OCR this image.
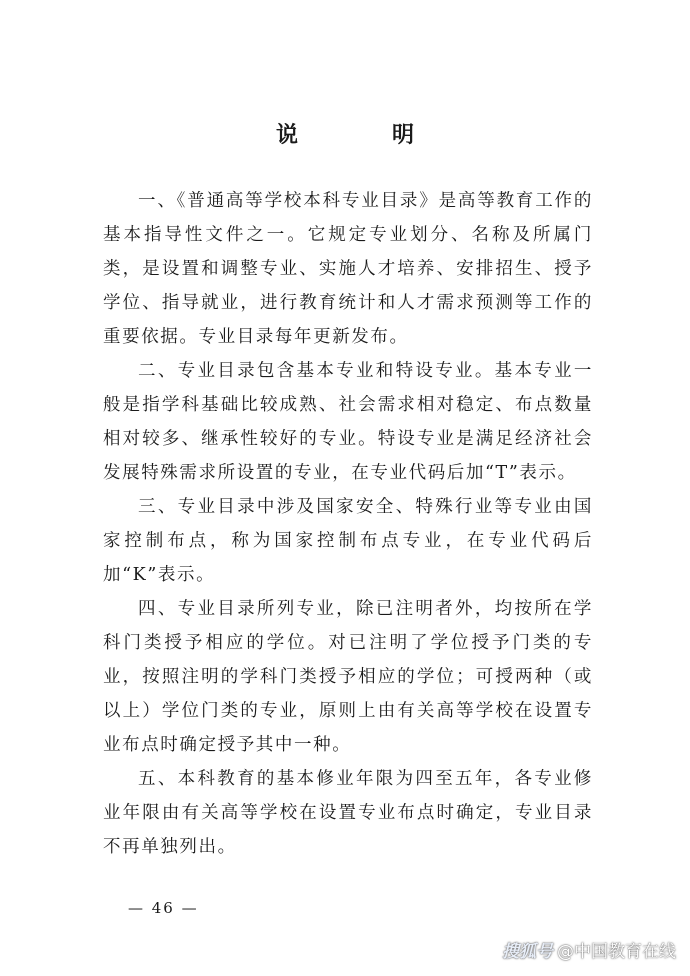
说　明

一、《普通高等学校本科专业目录》是高等教育工作的基本指导性文件之一。它规定专业划分、名称及所属门类，是设置和调整专业、实施人才培养、安排招生、授予学位、指导就业，进行教育统计和人才需求预测等工作的重要依据。专业目录每年更新发布。

二、专业目录包含基本专业和特设专业。基本专业一般是指学科基础比较成熟、社会需求相对稳定、布点数量相对较多、继承性较好的专业。特设专业是满足经济社会发展特殊需求所设置的专业，在专业代码后加“T”表示。

三、专业目录中涉及国家安全、特殊行业等专业由国家控制布点，称为国家控制布点专业，在专业代码后加“K”表示。

四、专业目录所列专业，除已注明者外，均按所在学科门类授予相应的学位。对已注明了学位授予门类的专业，按照注明的学科门类授予相应的学位；可授两种（或以上）学位门类的专业，原则上由有关高等学校在设置专业布点时确定授予其中一种。

五、本科教育的基本修业年限为四至五年，各专业修业年限由有关高等学校在设置专业布点时确定，专业目录不再单独列出。

— 46 —
搜狐号 @中国教育在线
